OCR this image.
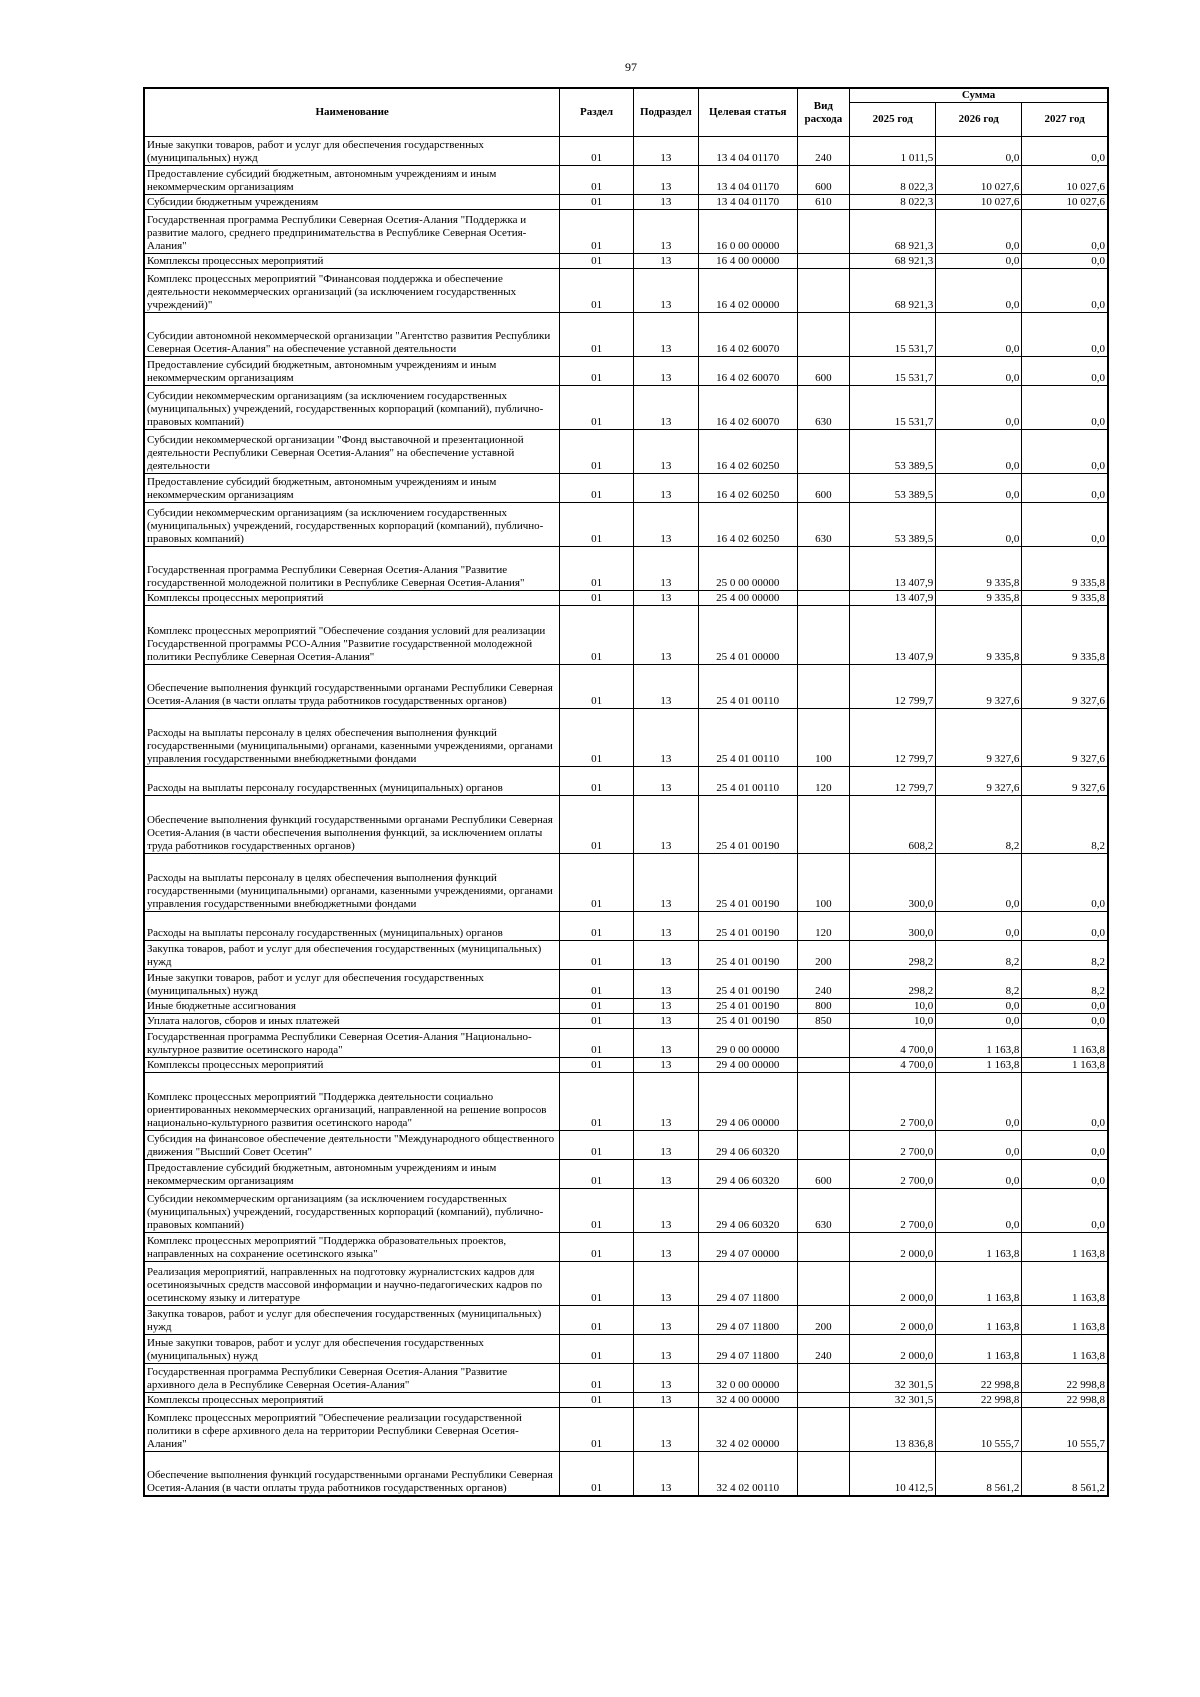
97
Наименование	Раздел	Подраздел	Целевая статья	Вид расхода	Сумма		
					2025 год	2026 год	2027 год
Иные закупки товаров, работ и услуг для обеспечения государственных (муниципальных) нужд	01	13	13 4 04 01170	240	1 011,5	0,0	0,0
Предоставление субсидий бюджетным, автономным учреждениям и иным некоммерческим организациям	01	13	13 4 04 01170	600	8 022,3	10 027,6	10 027,6
Субсидии бюджетным учреждениям	01	13	13 4 04 01170	610	8 022,3	10 027,6	10 027,6
Государственная программа Республики Северная Осетия-Алания "Поддержка и развитие малого, среднего предпринимательства в Республике Северная Осетия-Алания"	01	13	16 0 00 00000		68 921,3	0,0	0,0
Комплексы процессных мероприятий	01	13	16 4 00 00000		68 921,3	0,0	0,0
Комплекс процессных мероприятий "Финансовая поддержка и обеспечение деятельности некоммерческих организаций (за исключением государственных учреждений)"	01	13	16 4 02 00000		68 921,3	0,0	0,0
Субсидии автономной некоммерческой организации "Агентство развития Республики Северная Осетия-Алания" на обеспечение уставной деятельности	01	13	16 4 02 60070		15 531,7	0,0	0,0
Предоставление субсидий бюджетным, автономным учреждениям и иным некоммерческим организациям	01	13	16 4 02 60070	600	15 531,7	0,0	0,0
Субсидии некоммерческим организациям (за исключением государственных (муниципальных) учреждений, государственных корпораций (компаний), публично-правовых компаний)	01	13	16 4 02 60070	630	15 531,7	0,0	0,0
Субсидии некоммерческой организации "Фонд выставочной и презентационной деятельности Республики Северная Осетия-Алания" на обеспечение уставной деятельности	01	13	16 4 02 60250		53 389,5	0,0	0,0
Предоставление субсидий бюджетным, автономным учреждениям и иным некоммерческим организациям	01	13	16 4 02 60250	600	53 389,5	0,0	0,0
Субсидии некоммерческим организациям (за исключением государственных (муниципальных) учреждений, государственных корпораций (компаний), публично-правовых компаний)	01	13	16 4 02 60250	630	53 389,5	0,0	0,0
Государственная программа Республики Северная Осетия-Алания "Развитие государственной молодежной политики в Республике Северная Осетия-Алания"	01	13	25 0 00 00000		13 407,9	9 335,8	9 335,8
Комплексы процессных мероприятий	01	13	25 4 00 00000		13 407,9	9 335,8	9 335,8
Комплекс процессных мероприятий "Обеспечение создания условий для реализации Государственной программы РСО-Алния "Развитие государственной молодежной политики Республике Северная Осетия-Алания"	01	13	25 4 01 00000		13 407,9	9 335,8	9 335,8
Обеспечение выполнения функций государственными органами Республики Северная Осетия-Алания (в части оплаты труда работников государственных органов)	01	13	25 4 01 00110		12 799,7	9 327,6	9 327,6
Расходы на выплаты персоналу в целях обеспечения выполнения функций государственными (муниципальными) органами, казенными учреждениями, органами управления государственными внебюджетными фондами	01	13	25 4 01 00110	100	12 799,7	9 327,6	9 327,6
Расходы на выплаты персоналу государственных (муниципальных) органов	01	13	25 4 01 00110	120	12 799,7	9 327,6	9 327,6
Обеспечение выполнения функций государственными органами Республики Северная Осетия-Алания (в части обеспечения выполнения функций, за исключением оплаты труда работников государственных органов)	01	13	25 4 01 00190		608,2	8,2	8,2
Расходы на выплаты персоналу в целях обеспечения выполнения функций государственными (муниципальными) органами, казенными учреждениями, органами управления государственными внебюджетными фондами	01	13	25 4 01 00190	100	300,0	0,0	0,0
Расходы на выплаты персоналу государственных (муниципальных) органов	01	13	25 4 01 00190	120	300,0	0,0	0,0
Закупка товаров, работ и услуг для обеспечения государственных (муниципальных) нужд	01	13	25 4 01 00190	200	298,2	8,2	8,2
Иные закупки товаров, работ и услуг для обеспечения государственных (муниципальных) нужд	01	13	25 4 01 00190	240	298,2	8,2	8,2
Иные бюджетные ассигнования	01	13	25 4 01 00190	800	10,0	0,0	0,0
Уплата налогов, сборов и иных платежей	01	13	25 4 01 00190	850	10,0	0,0	0,0
Государственная программа Республики Северная Осетия-Алания "Национально-культурное развитие осетинского народа"	01	13	29 0 00 00000		4 700,0	1 163,8	1 163,8
Комплексы процессных мероприятий	01	13	29 4 00 00000		4 700,0	1 163,8	1 163,8
Комплекс процессных мероприятий "Поддержка деятельности социально ориентированных некоммерческих организаций, направленной на решение вопросов национально-культурного развития осетинского народа"	01	13	29 4 06 00000		2 700,0	0,0	0,0
Субсидия на финансовое обеспечение деятельности "Международного общественного движения "Высший Совет Осетин"	01	13	29 4 06 60320		2 700,0	0,0	0,0
Предоставление субсидий бюджетным, автономным учреждениям и иным некоммерческим организациям	01	13	29 4 06 60320	600	2 700,0	0,0	0,0
Субсидии некоммерческим организациям (за исключением государственных (муниципальных) учреждений, государственных корпораций (компаний), публично-правовых компаний)	01	13	29 4 06 60320	630	2 700,0	0,0	0,0
Комплекс процессных мероприятий "Поддержка образовательных проектов, направленных на сохранение осетинского языка"	01	13	29 4 07 00000		2 000,0	1 163,8	1 163,8
Реализация мероприятий, направленных на подготовку журналистских кадров для осетиноязычных средств массовой информации и научно-педагогических кадров по осетинскому языку и литературе	01	13	29 4 07 11800		2 000,0	1 163,8	1 163,8
Закупка товаров, работ и услуг для обеспечения государственных (муниципальных) нужд	01	13	29 4 07 11800	200	2 000,0	1 163,8	1 163,8
Иные закупки товаров, работ и услуг для обеспечения государственных (муниципальных) нужд	01	13	29 4 07 11800	240	2 000,0	1 163,8	1 163,8
Государственная программа Республики Северная Осетия-Алания "Развитие архивного дела в Республике Северная Осетия-Алания"	01	13	32 0 00 00000		32 301,5	22 998,8	22 998,8
Комплексы процессных мероприятий	01	13	32 4 00 00000		32 301,5	22 998,8	22 998,8
Комплекс процессных мероприятий "Обеспечение реализации государственной политики в сфере архивного дела на территории Республики Северная Осетия-Алания"	01	13	32 4 02 00000		13 836,8	10 555,7	10 555,7
Обеспечение выполнения функций государственными органами Республики Северная Осетия-Алания (в части оплаты труда работников государственных органов)	01	13	32 4 02 00110		10 412,5	8 561,2	8 561,2
